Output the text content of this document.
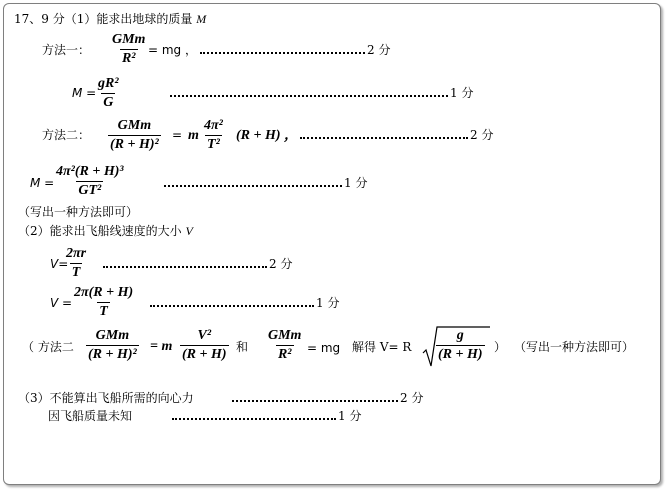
17、9 分（1）能求出地球的质量 M
方法一：
GMm
R²
= mg ，	2 分
$M = \frac{\text{gR²}}{G}$	1 分
方法二：
GMm
(R + H)²
= m $\frac{\text{4π²}}{\text{T²}} (R + H)$ ，	2 分
$M = \frac{\text{4π²(R + H)³}}{\text{GT²}}$	1 分
（写出一种方法即可）
（2）能求出飞船线速度的大小 V
V=
$\frac{2\pi r}{T}$	2 分
$V = \frac{2\pi(R + H)}{T}$	1 分
（ 方法二
GMm
(R + H)²
= m $\frac{\text{V²}}{(R + H)}$ 和
GMm
R² = mg 解得 V= R $\frac{g}{(R + H)}$ ） （写出一种方法即可）
（3）不能算出飞船所需的向心力	2 分
因飞船质量未知	1 分
